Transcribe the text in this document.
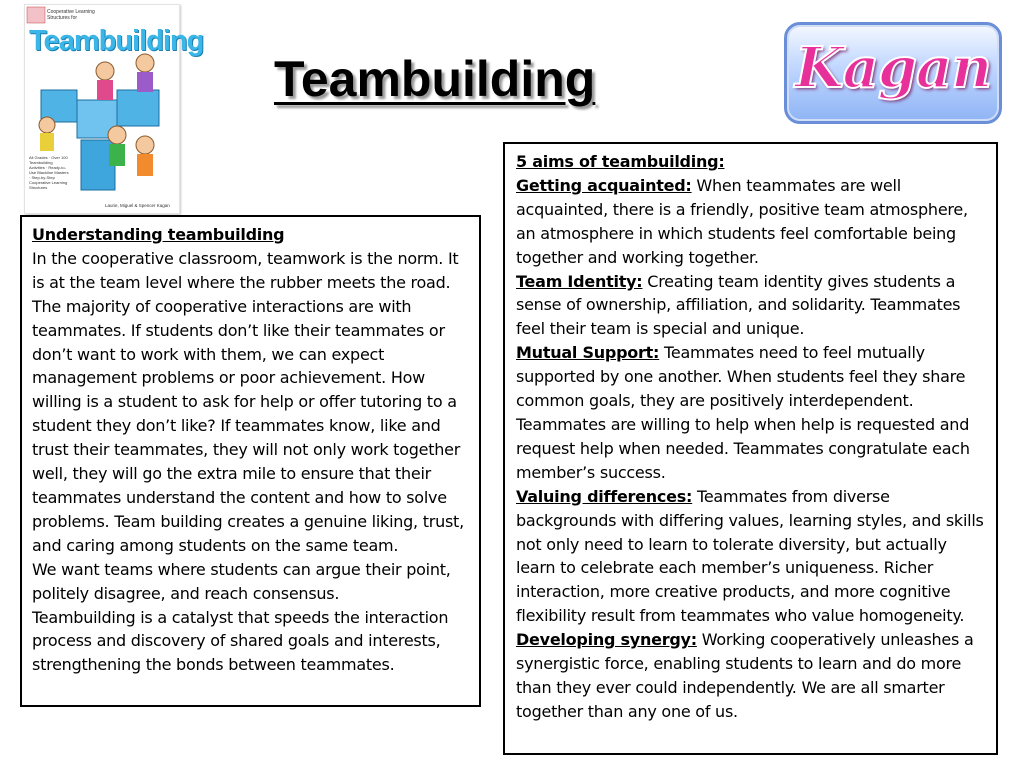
Cooperative Learning Structures for
Teambuilding
All Grades · Over 100 Teambuilding Activities · Ready-to-Use Blackline Masters · Step-by-Step Cooperative Learning Structures
Laurie, Miguel & Spencer Kagan
Teambuilding	Kagan
Understanding teambuilding
In the cooperative classroom, teamwork is the norm. It is at the team level where the rubber meets the road. The majority of cooperative interactions are with teammates. If students don’t like their teammates or don’t want to work with them, we can expect management problems or poor achievement. How willing is a student to ask for help or offer tutoring to a student they don’t like? If teammates know, like and trust their teammates, they will not only work together well, they will go the extra mile to ensure that their teammates understand the content and how to solve problems. Team building creates a genuine liking, trust, and caring among students on the same team.
We want teams where students can argue their point, politely disagree, and reach consensus.
Teambuilding is a catalyst that speeds the interaction process and discovery of shared goals and interests, strengthening the bonds between teammates.
5 aims of teambuilding:
Getting acquainted: When teammates are well acquainted, there is a friendly, positive team atmosphere, an atmosphere in which students feel comfortable being together and working together.
Team Identity: Creating team identity gives students a sense of ownership, affiliation, and solidarity. Teammates feel their team is special and unique.
Mutual Support: Teammates need to feel mutually supported by one another. When students feel they share common goals, they are positively interdependent. Teammates are willing to help when help is requested and request help when needed. Teammates congratulate each member’s success.
Valuing differences: Teammates from diverse backgrounds with differing values, learning styles, and skills not only need to learn to tolerate diversity, but actually learn to celebrate each member’s uniqueness. Richer interaction, more creative products, and more cognitive flexibility result from teammates who value homogeneity.
Developing synergy: Working cooperatively unleashes a synergistic force, enabling students to learn and do more than they ever could independently. We are all smarter together than any one of us.
